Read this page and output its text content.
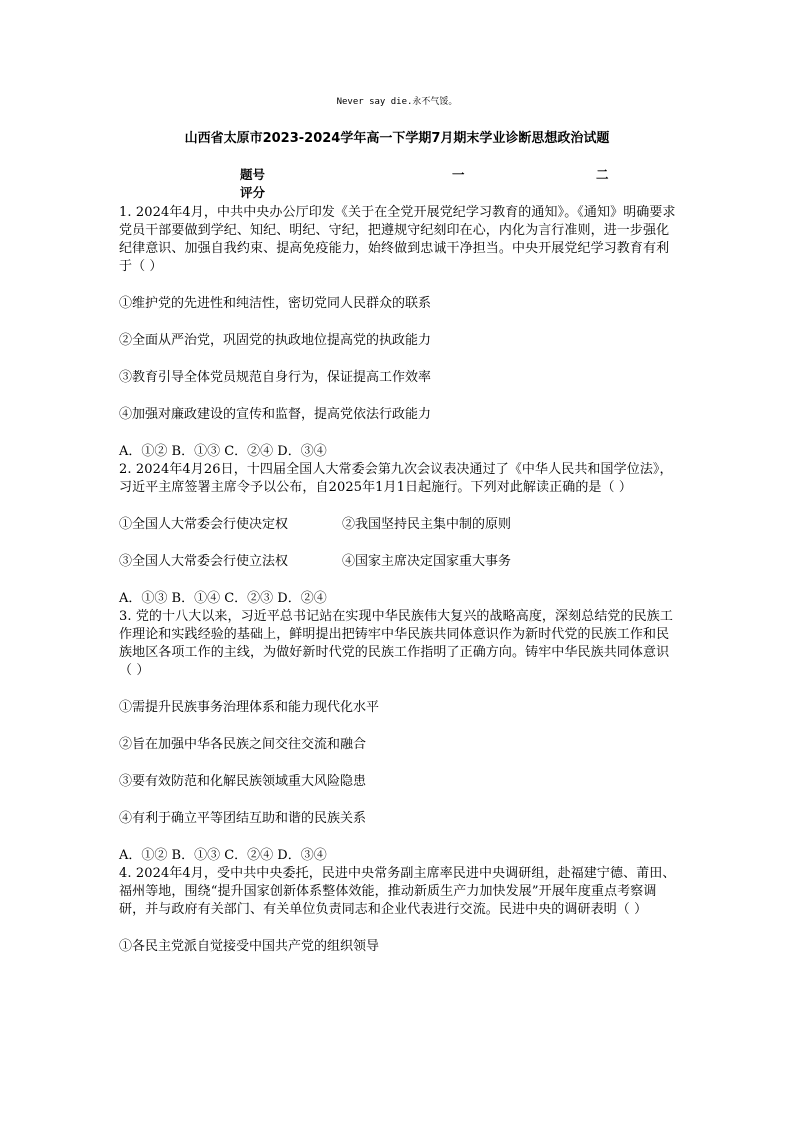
Never say die.永不气馁。
山西省太原市2023-2024学年高一下学期7月期末学业诊断思想政治试题
题号	一	二
评分

1. 2024年4月，中共中央办公厅印发《关于在全党开展党纪学习教育的通知》。《通知》明确要求党员干部要做到学纪、知纪、明纪、守纪，把遵规守纪刻印在心，内化为言行准则，进一步强化纪律意识、加强自我约束、提高免疫能力，始终做到忠诚干净担当。中央开展党纪学习教育有利于（ ）

①维护党的先进性和纯洁性，密切党同人民群众的联系

②全面从严治党，巩固党的执政地位提高党的执政能力

③教育引导全体党员规范自身行为，保证提高工作效率

④加强对廉政建设的宣传和监督，提高党依法行政能力

A．①② B．①③ C．②④ D．③④

2. 2024年4月26日，十四届全国人大常委会第九次会议表决通过了《中华人民共和国学位法》，习近平主席签署主席令予以公布，自2025年1月1日起施行。下列对此解读正确的是（ ）

①全国人大常委会行使决定权	②我国坚持民主集中制的原则
③全国人大常委会行使立法权	④国家主席决定国家重大事务

A．①③ B．①④ C．②③ D．②④

3. 党的十八大以来，习近平总书记站在实现中华民族伟大复兴的战略高度，深刻总结党的民族工作理论和实践经验的基础上，鲜明提出把铸牢中华民族共同体意识作为新时代党的民族工作和民族地区各项工作的主线，为做好新时代党的民族工作指明了正确方向。铸牢中华民族共同体意识（ ）

①需提升民族事务治理体系和能力现代化水平

②旨在加强中华各民族之间交往交流和融合

③要有效防范和化解民族领域重大风险隐患

④有利于确立平等团结互助和谐的民族关系

A．①② B．①③ C．②④ D．③④

4. 2024年4月，受中共中央委托，民进中央常务副主席率民进中央调研组，赴福建宁德、莆田、福州等地，围绕“提升国家创新体系整体效能，推动新质生产力加快发展”开展年度重点考察调研，并与政府有关部门、有关单位负责同志和企业代表进行交流。民进中央的调研表明（ ）

①各民主党派自觉接受中国共产党的组织领导
